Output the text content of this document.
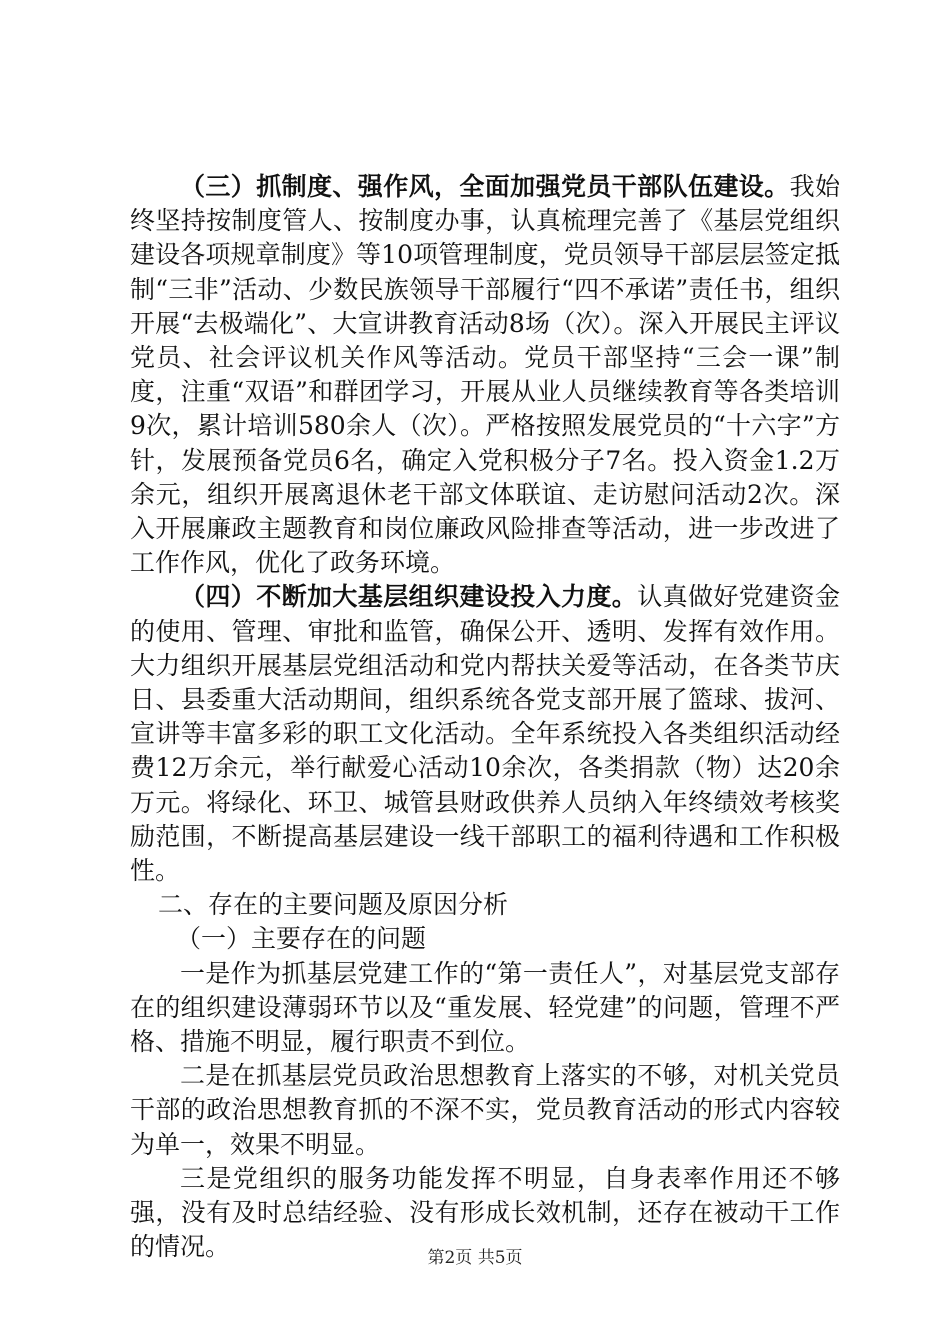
（三）抓制度、强作风，全面加强党员干部队伍建设。我始终坚持按制度管人、按制度办事，认真梳理完善了《基层党组织建设各项规章制度》等10项管理制度，党员领导干部层层签定抵制“三非”活动、少数民族领导干部履行“四不承诺”责任书，组织开展“去极端化”、大宣讲教育活动8场（次）。深入开展民主评议党员、社会评议机关作风等活动。党员干部坚持“三会一课”制度，注重“双语”和群团学习，开展从业人员继续教育等各类培训9次，累计培训580余人（次）。严格按照发展党员的“十六字”方针，发展预备党员6名，确定入党积极分子7名。投入资金1.2万余元，组织开展离退休老干部文体联谊、走访慰问活动2次。深入开展廉政主题教育和岗位廉政风险排查等活动，进一步改进了工作作风，优化了政务环境。

（四）不断加大基层组织建设投入力度。认真做好党建资金的使用、管理、审批和监管，确保公开、透明、发挥有效作用。大力组织开展基层党组活动和党内帮扶关爱等活动，在各类节庆日、县委重大活动期间，组织系统各党支部开展了篮球、拔河、宣讲等丰富多彩的职工文化活动。全年系统投入各类组织活动经费12万余元，举行献爱心活动10余次，各类捐款（物）达20余万元。将绿化、环卫、城管县财政供养人员纳入年终绩效考核奖励范围，不断提高基层建设一线干部职工的福利待遇和工作积极性。

二、存在的主要问题及原因分析

（一）主要存在的问题

一是作为抓基层党建工作的“第一责任人”，对基层党支部存在的组织建设薄弱环节以及“重发展、轻党建”的问题，管理不严格、措施不明显，履行职责不到位。

二是在抓基层党员政治思想教育上落实的不够，对机关党员干部的政治思想教育抓的不深不实，党员教育活动的形式内容较为单一，效果不明显。

三是党组织的服务功能发挥不明显，自身表率作用还不够强，没有及时总结经验、没有形成长效机制，还存在被动干工作的情况。	第2页 共5页
